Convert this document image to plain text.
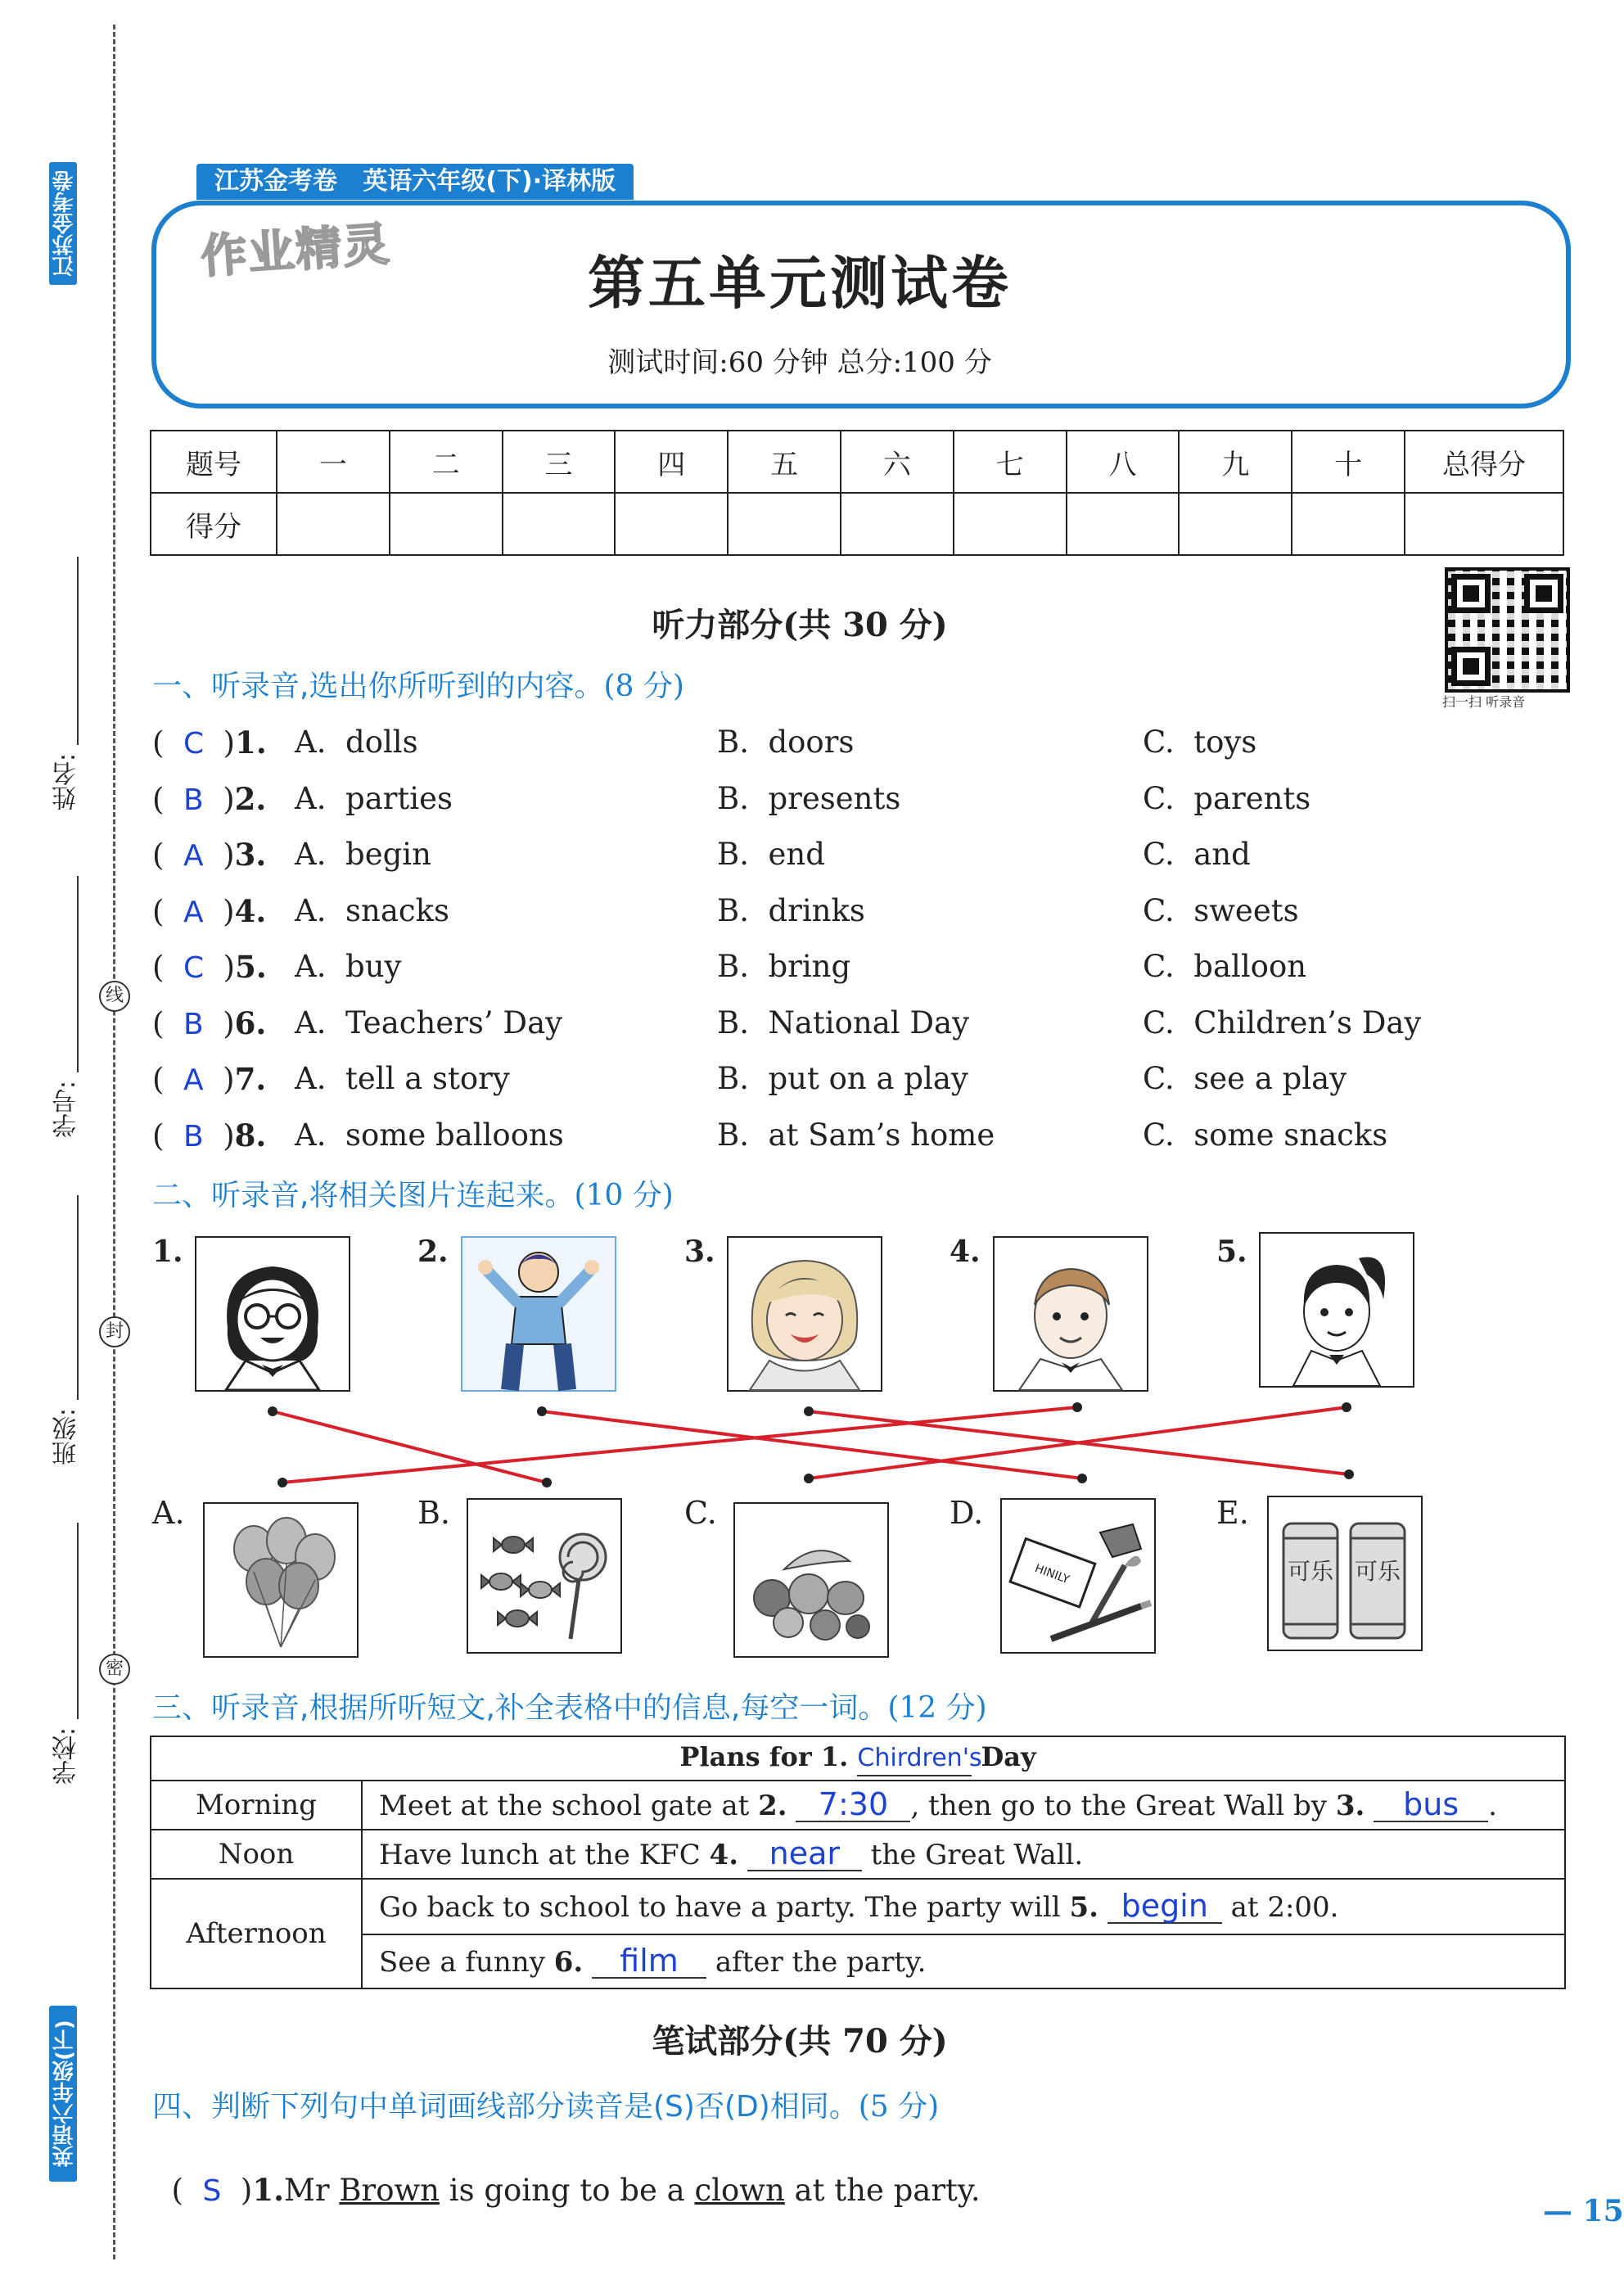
江苏金考卷
英语六年级(下)
姓名:
学号:
班级:
学校:
线
封
密
江苏金考卷   英语六年级(下)·译林版
作业精灵	第五单元测试卷
测试时间:60 分钟 总分:100 分
题号	一	二	三	四	五	六	七	八	九	十	总得分
得分											
听力部分(共 30 分)
扫一扫 听录音
一、听录音,选出你所听到的内容。(8 分)
(  C  )1. A.  dolls	B.  doors	C.  toys
(  B  )2. A.  parties	B.  presents	C.  parents
(  A  )3. A.  begin	B.  end	C.  and
(  A  )4. A.  snacks	B.  drinks	C.  sweets
(  C  )5. A.  buy	B.  bring	C.  balloon
(  B  )6. A.  Teachers’ Day	B.  National Day	C.  Children’s Day
(  A  )7. A.  tell a story	B.  put on a play	C.  see a play
(  B  )8. A.  some balloons	B.  at Sam’s home	C.  some snacks
二、听录音,将相关图片连起来。(10 分)
1.	2.	3.	4.	5.
A.	B.	C.	D.	E.
HINILY	可乐 可乐
三、听录音,根据所听短文,补全表格中的信息,每空一词。(12 分)
Plans for 1. Chirdren's Day	
Morning	Meet at the school gate at 2. 7:30 , then go to the Great Wall by 3. bus .
Noon	Have lunch at the KFC 4. near the Great Wall.
Afternoon	Go back to school to have a party. The party will 5. begin at 2:00.
	See a funny 6. film after the party.
笔试部分(共 70 分)
四、判断下列句中单词画线部分读音是(S)否(D)相同。(5 分)

(  S  )1.Mr Brown is going to be a clown at the party.

— 15
